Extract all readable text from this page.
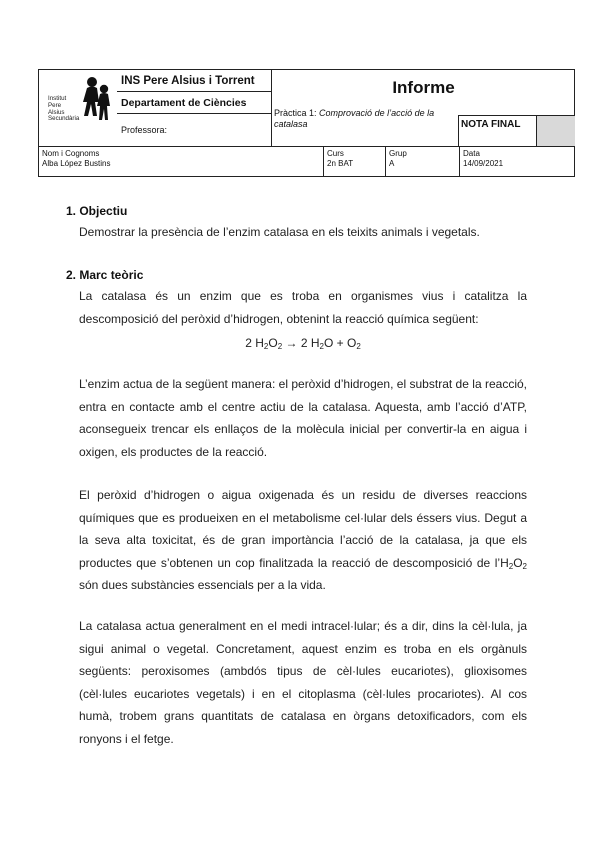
Institut
Pere
Alsius
Secundària
INS Pere Alsius i Torrent
Departament de Ciències
Professora:
Informe
Pràctica 1: Comprovació de l’acció de la catalasa	NOTA FINAL
Nom i Cognoms
Alba López Bustins
Curs
2n BAT
Grup
A
Data
14/09/2021
1. Objectiu
Demostrar la presència de l’enzim catalasa en els teixits animals i vegetals.
2. Marc teòric
La catalasa és un enzim que es troba en organismes vius i catalitza la descomposició del peròxid d’hidrogen, obtenint la reacció química següent:
2 $H_2O_2 \to 2$ $H_2O + O_2$
L’enzim actua de la següent manera: el peròxid d’hidrogen, el substrat de la reacció, entra en contacte amb el centre actiu de la catalasa. Aquesta, amb l’acció d’ATP, aconsegueix trencar els enllaços de la molècula inicial per convertir-la en aigua i oxigen, els productes de la reacció.
El peròxid d’hidrogen o aigua oxigenada és un residu de diverses reaccions químiques que es produeixen en el metabolisme cel·lular dels éssers vius. Degut a la seva alta toxicitat, és de gran importància l’acció de la catalasa, ja que els productes que s’obtenen un cop finalitzada la reacció de descomposició de $l’H_2O_2$ són dues substàncies essencials per a la vida.
La catalasa actua generalment en el medi intracel·lular; és a dir, dins la cèl·lula, ja sigui animal o vegetal. Concretament, aquest enzim es troba en els orgànuls següents: peroxisomes (ambdós tipus de cèl·lules eucariotes), glioxisomes (cèl·lules eucariotes vegetals) i en el citoplasma (cèl·lules procariotes). Al cos humà, trobem grans quantitats de catalasa en òrgans detoxificadors, com els ronyons i el fetge.
